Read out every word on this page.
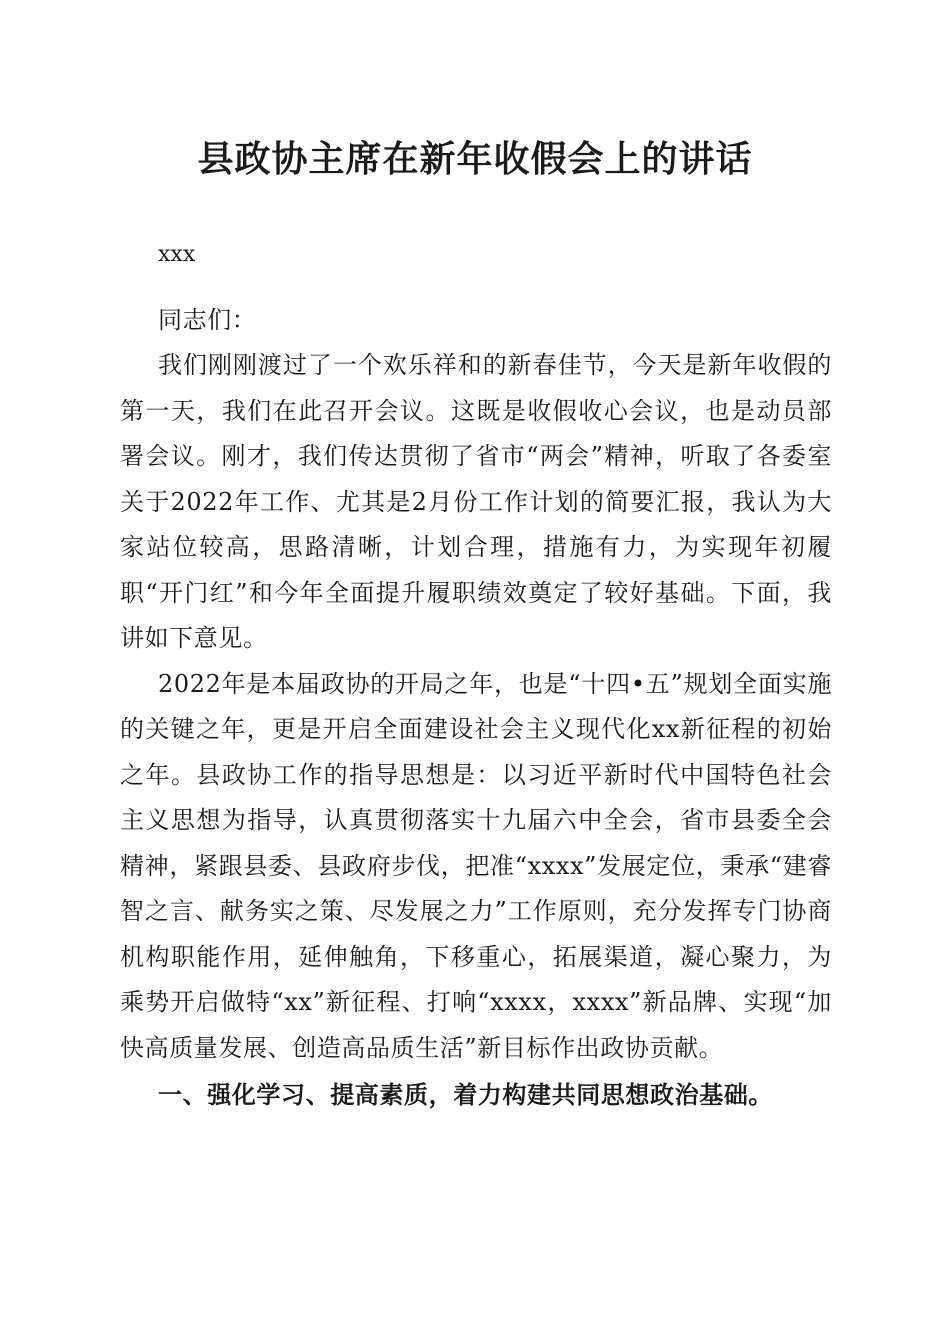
县政协主席在新年收假会上的讲话

xxx

同志们：

我们刚刚渡过了一个欢乐祥和的新春佳节，今天是新年收假的第一天，我们在此召开会议。这既是收假收心会议，也是动员部署会议。刚才，我们传达贯彻了省市“两会”精神，听取了各委室关于2022年工作、尤其是2月份工作计划的简要汇报，我认为大家站位较高，思路清晰，计划合理，措施有力，为实现年初履职“开门红”和今年全面提升履职绩效奠定了较好基础。下面，我讲如下意见。

2022年是本届政协的开局之年，也是“十四•五”规划全面实施的关键之年，更是开启全面建设社会主义现代化xx新征程的初始之年。县政协工作的指导思想是：以习近平新时代中国特色社会主义思想为指导，认真贯彻落实十九届六中全会，省市县委全会精神，紧跟县委、县政府步伐，把准“xxxx”发展定位，秉承“建睿智之言、献务实之策、尽发展之力”工作原则，充分发挥专门协商机构职能作用，延伸触角，下移重心，拓展渠道，凝心聚力，为乘势开启做特“xx”新征程、打响“xxxx，xxxx”新品牌、实现“加快高质量发展、创造高品质生活”新目标作出政协贡献。

一、强化学习、提高素质，着力构建共同思想政治基础。
